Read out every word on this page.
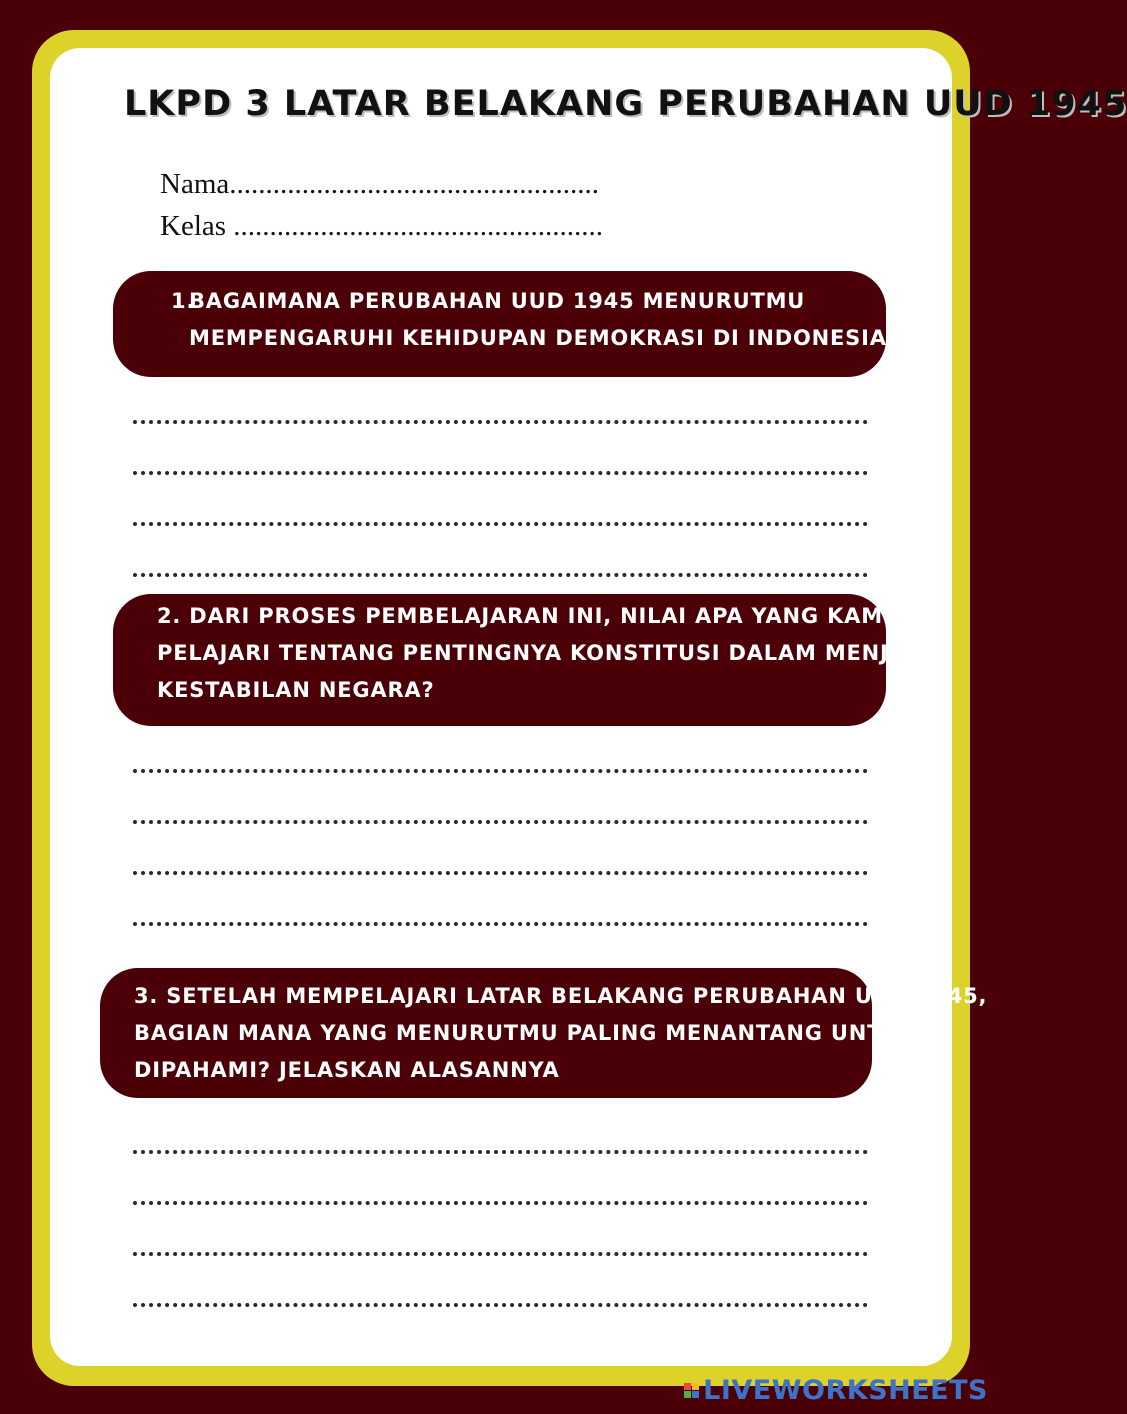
LKPD 3 LATAR BELAKANG PERUBAHAN UUD 1945
Nama...................................................
Kelas ...................................................
1.
BAGAIMANA PERUBAHAN UUD 1945 MENURUTMU
MEMPENGARUHI KEHIDUPAN DEMOKRASI DI INDONESIA?
2. DARI PROSES PEMBELAJARAN INI, NILAI APA YANG KAMU
PELAJARI TENTANG PENTINGNYA KONSTITUSI DALAM MENJAGA
KESTABILAN NEGARA?
3. SETELAH MEMPELAJARI LATAR BELAKANG PERUBAHAN UUD 1945,
BAGIAN MANA YANG MENURUTMU PALING MENANTANG UNTUK
DIPAHAMI? JELASKAN ALASANNYA
LIVEWORKSHEETS
